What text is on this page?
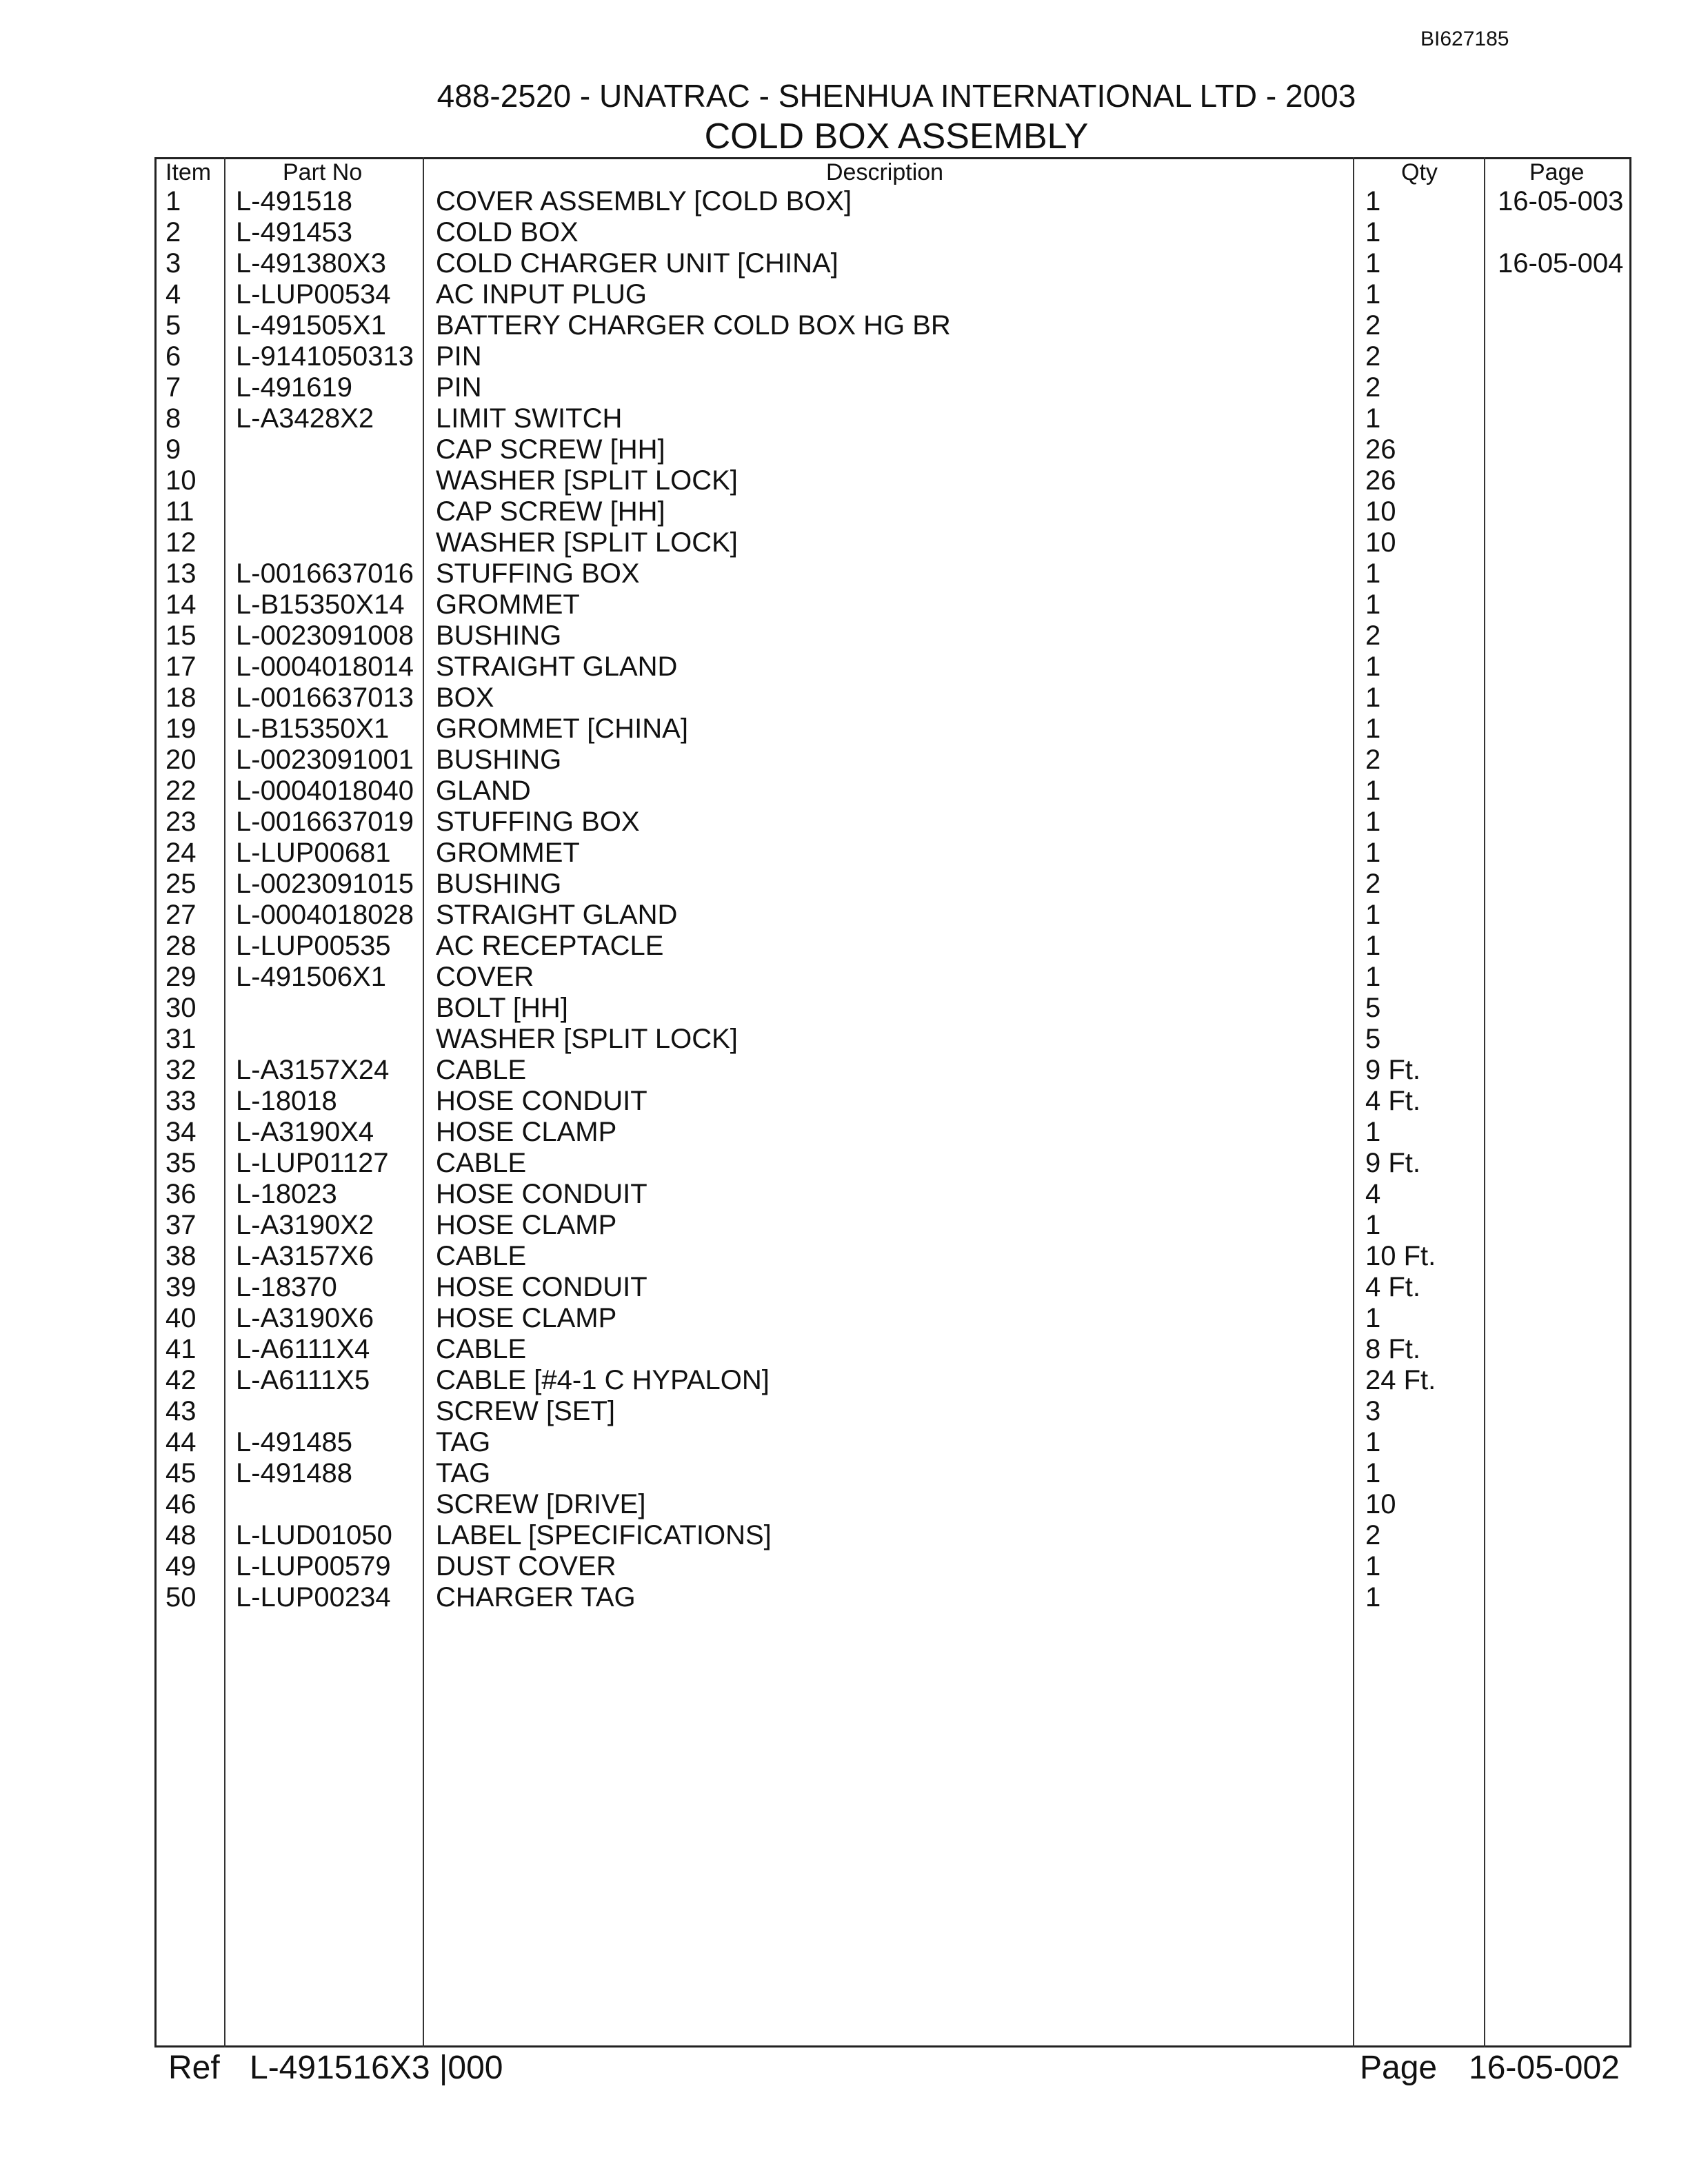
BI627185
488-2520 - UNATRAC - SHENHUA INTERNATIONAL LTD - 2003
COLD BOX ASSEMBLY
Item	Part No	Description	Qty	Page
1 L-491518	COVER ASSEMBLY [COLD BOX]	1	16-05-003
2 L-491453	COLD BOX	1
3 L-491380X3 COLD CHARGER UNIT [CHINA]	1	16-05-004
4 L-LUP00534 AC INPUT PLUG	1
5 L-491505X1 BATTERY CHARGER COLD BOX HG BR	2
6 L-9141050313 PIN	2
7 L-491619	PIN	2
8 L-A3428X2 LIMIT SWITCH	1
9	CAP SCREW [HH]	26
10	WASHER [SPLIT LOCK]	26
11	CAP SCREW [HH]	10
12	WASHER [SPLIT LOCK]	10
13 L-0016637016 STUFFING BOX	1
14 L-B15350X14 GROMMET	1
15 L-0023091008 BUSHING	2
17 L-0004018014 STRAIGHT GLAND	1
18 L-0016637013 BOX	1
19 L-B15350X1 GROMMET [CHINA]	1
20 L-0023091001 BUSHING	2
22 L-0004018040 GLAND	1
23 L-0016637019 STUFFING BOX	1
24 L-LUP00681 GROMMET	1
25 L-0023091015 BUSHING	2
27 L-0004018028 STRAIGHT GLAND	1
28 L-LUP00535 AC RECEPTACLE	1
29 L-491506X1 COVER	1
30	BOLT [HH]	5
31	WASHER [SPLIT LOCK]	5
32 L-A3157X24 CABLE	9 Ft.
33 L-18018	HOSE CONDUIT	4 Ft.
34 L-A3190X4 HOSE CLAMP	1
35 L-LUP01127 CABLE	9 Ft.
36 L-18023	HOSE CONDUIT	4
37 L-A3190X2 HOSE CLAMP	1
38 L-A3157X6 CABLE	10 Ft.
39 L-18370	HOSE CONDUIT	4 Ft.
40 L-A3190X6 HOSE CLAMP	1
41 L-A6111X4 CABLE	8 Ft.
42 L-A6111X5 CABLE [#4-1 C HYPALON]	24 Ft.
43	SCREW [SET]	3
44 L-491485	TAG	1
45 L-491488	TAG	1
46	SCREW [DRIVE]	10
48 L-LUD01050 LABEL [SPECIFICATIONS]	2
49 L-LUP00579 DUST COVER	1
50 L-LUP00234 CHARGER TAG	1
Ref L-491516X3 |000	Page 16-05-002
